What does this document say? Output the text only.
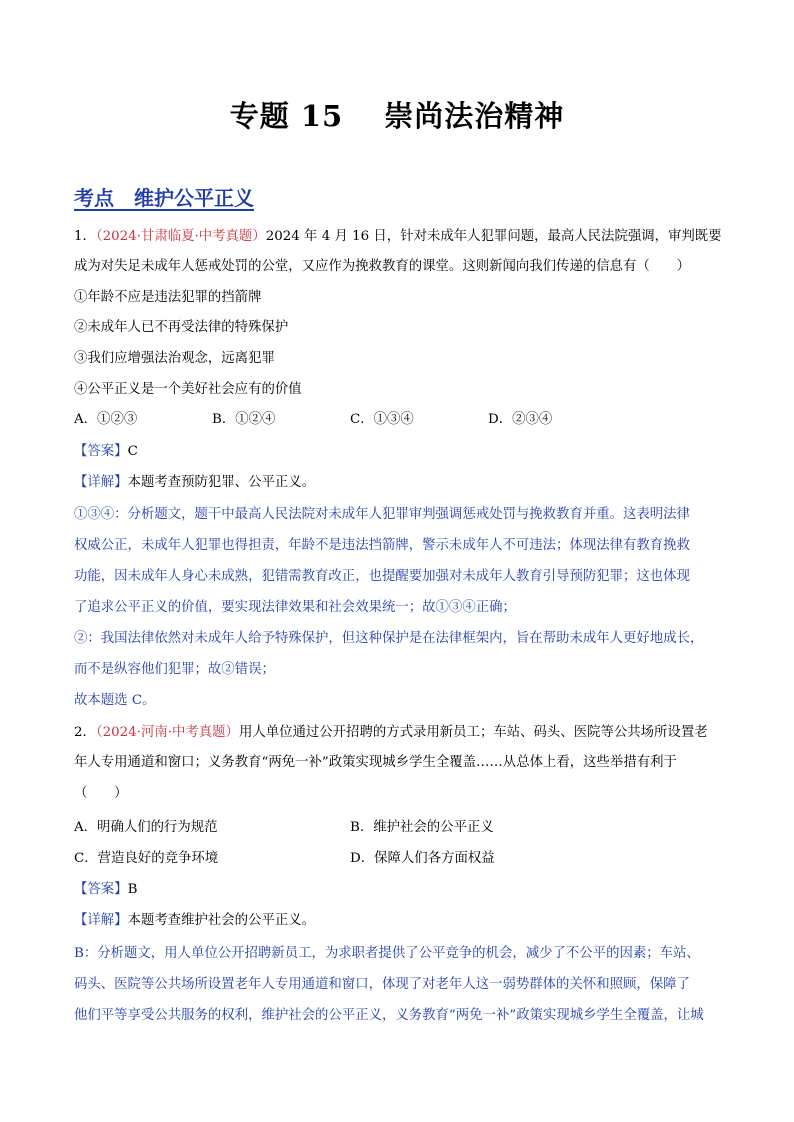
专题 15　 崇尚法治精神
考点　维护公平正义
1．（2024·甘肃临夏·中考真题）2024 年 4 月 16 日，针对未成年人犯罪问题，最高人民法院强调，审判既要
成为对失足未成年人惩戒处罚的公堂，又应作为挽救教育的课堂。这则新闻向我们传递的信息有（　　）
①年龄不应是违法犯罪的挡箭牌
②未成年人已不再受法律的特殊保护
③我们应增强法治观念，远离犯罪
④公平正义是一个美好社会应有的价值
A．①②③	B．①②④	C．①③④	D．②③④
【答案】C
【详解】本题考查预防犯罪、公平正义。
①③④：分析题文，题干中最高人民法院对未成年人犯罪审判强调惩戒处罚与挽救教育并重。这表明法律
权威公正，未成年人犯罪也得担责，年龄不是违法挡箭牌，警示未成年人不可违法；体现法律有教育挽救
功能，因未成年人身心未成熟，犯错需教育改正，也提醒要加强对未成年人教育引导预防犯罪；这也体现
了追求公平正义的价值，要实现法律效果和社会效果统一；故①③④正确；
②：我国法律依然对未成年人给予特殊保护，但这种保护是在法律框架内，旨在帮助未成年人更好地成长，
而不是纵容他们犯罪；故②错误；
故本题选 C。
2．（2024·河南·中考真题）用人单位通过公开招聘的方式录用新员工；车站、码头、医院等公共场所设置老
年人专用通道和窗口；义务教育“两免一补”政策实现城乡学生全覆盖……从总体上看，这些举措有利于
（　　）
A．明确人们的行为规范	B．维护社会的公平正义
C．营造良好的竞争环境	D．保障人们各方面权益
【答案】B
【详解】本题考查维护社会的公平正义。
B：分析题文，用人单位公开招聘新员工，为求职者提供了公平竞争的机会，减少了不公平的因素；车站、
码头、医院等公共场所设置老年人专用通道和窗口，体现了对老年人这一弱势群体的关怀和照顾，保障了
他们平等享受公共服务的权利，维护社会的公平正义，义务教育“两免一补”政策实现城乡学生全覆盖，让城
